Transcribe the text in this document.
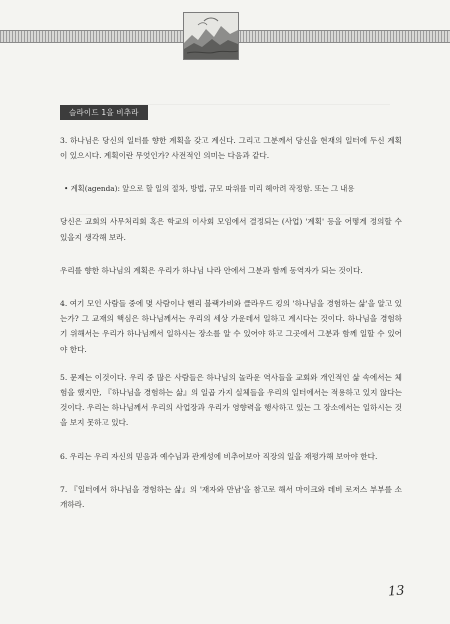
슬라이드 1을 비추라

3. 하나님은 당신의 일터를 향한 계획을 갖고 계신다. 그리고 그분께서 당신을 현재의 일터에 두신 계획이 있으시다. 계획이란 무엇인가? 사전적인 의미는 다음과 같다.

• 계획(agenda): 앞으로 할 일의 절차, 방법, 규모 따위를 미리 헤아려 작정함. 또는 그 내용

당신은 교회의 사무처리회 혹은 학교의 이사회 모임에서 결정되는 (사업) '계획' 등을 어떻게 정의할 수 있을지 생각해 보라.

우리를 향한 하나님의 계획은 우리가 하나님 나라 안에서 그분과 함께 동역자가 되는 것이다.

4. 여기 모인 사람들 중에 몇 사람이나 헨리 블랙가비와 클라우드 킹의 '하나님을 경험하는 삶'을 알고 있는가? 그 교재의 핵심은 하나님께서는 우리의 세상 가운데서 일하고 계시다는 것이다. 하나님을 경험하기 위해서는 우리가 하나님께서 일하시는 장소를 알 수 있어야 하고 그곳에서 그분과 함께 일할 수 있어야 한다.

5. 문제는 이것이다. 우리 중 많은 사람들은 하나님의 놀라운 역사들을 교회와 개인적인 삶 속에서는 체험을 했지만, 『하나님을 경험하는 삶』의 일곱 가지 실체들을 우리의 일터에서는 적용하고 있지 않다는 것이다. 우리는 하나님께서 우리의 사업장과 우리가 영향력을 행사하고 있는 그 장소에서는 일하시는 것을 보지 못하고 있다.

6. 우리는 우리 자신의 믿음과 예수님과 관계성에 비추어보아 직장의 일을 재평가해 보아야 한다.

7. 『일터에서 하나님을 경험하는 삶』의 '재자와 만남'을 참고로 해서 마이크와 데비 로저스 부부를 소개하라.

13
